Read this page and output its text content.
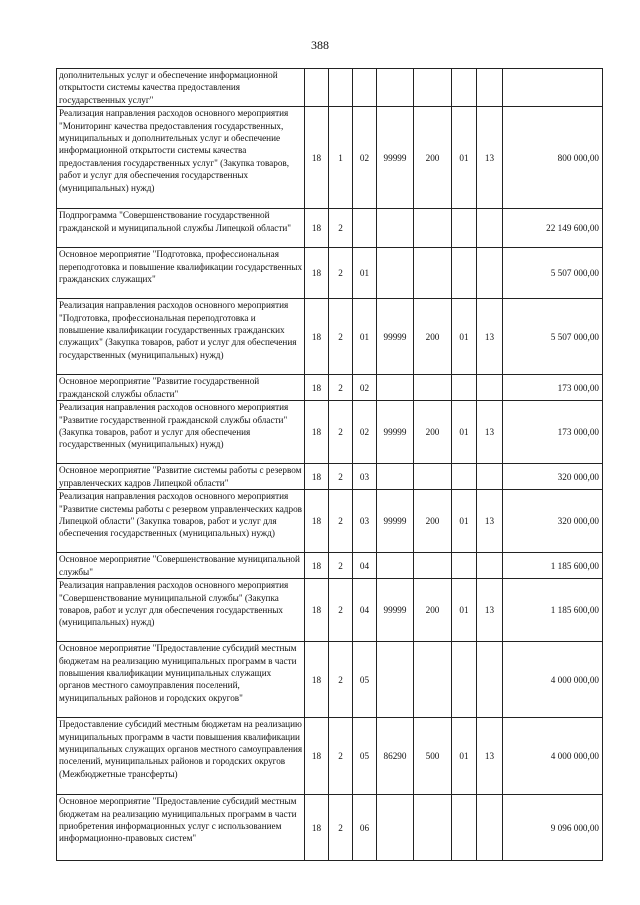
388
дополнительных услуг и обеспечение информационной открытости системы качества предоставления государственных услуг"								
Реализация направления расходов основного мероприятия "Мониторинг качества предоставления государственных, муниципальных и дополнительных услуг и обеспечение информационной открытости системы качества предоставления государственных услуг" (Закупка товаров, работ и услуг для обеспечения государственных (муниципальных) нужд)	18	1	02	99999	200	01	13	800 000,00
Подпрограмма "Совершенствование государственной гражданской и муниципальной службы Липецкой области"	18	2						22 149 600,00
Основное мероприятие "Подготовка, профессиональная переподготовка и повышение квалификации государственных гражданских служащих"	18	2	01					5 507 000,00
Реализация направления расходов основного мероприятия "Подготовка, профессиональная переподготовка и повышение квалификации государственных гражданских служащих" (Закупка товаров, работ и услуг для обеспечения государственных (муниципальных) нужд)	18	2	01	99999	200	01	13	5 507 000,00
Основное мероприятие "Развитие государственной гражданской службы области"	18	2	02					173 000,00
Реализация направления расходов основного мероприятия "Развитие государственной гражданской службы области" (Закупка товаров, работ и услуг для обеспечения государственных (муниципальных) нужд)	18	2	02	99999	200	01	13	173 000,00
Основное мероприятие "Развитие системы работы с резервом управленческих кадров Липецкой области"	18	2	03					320 000,00
Реализация направления расходов основного мероприятия "Развитие системы работы с резервом управленческих кадров Липецкой области" (Закупка товаров, работ и услуг для обеспечения государственных (муниципальных) нужд)	18	2	03	99999	200	01	13	320 000,00
Основное мероприятие "Совершенствование муниципальной службы"	18	2	04					1 185 600,00
Реализация направления расходов основного мероприятия "Совершенствование муниципальной службы" (Закупка товаров, работ и услуг для обеспечения государственных (муниципальных) нужд)	18	2	04	99999	200	01	13	1 185 600,00
Основное мероприятие "Предоставление субсидий местным бюджетам на реализацию муниципальных программ в части повышения квалификации муниципальных служащих органов местного самоуправления поселений, муниципальных районов и городских округов"	18	2	05					4 000 000,00
Предоставление субсидий местным бюджетам на реализацию муниципальных программ в части повышения квалификации муниципальных служащих органов местного самоуправления поселений, муниципальных районов и городских округов (Межбюджетные трансферты)	18	2	05	86290	500	01	13	4 000 000,00
Основное мероприятие "Предоставление субсидий местным бюджетам на реализацию муниципальных программ в части приобретения информационных услуг с использованием информационно-правовых систем"	18	2	06					9 096 000,00
